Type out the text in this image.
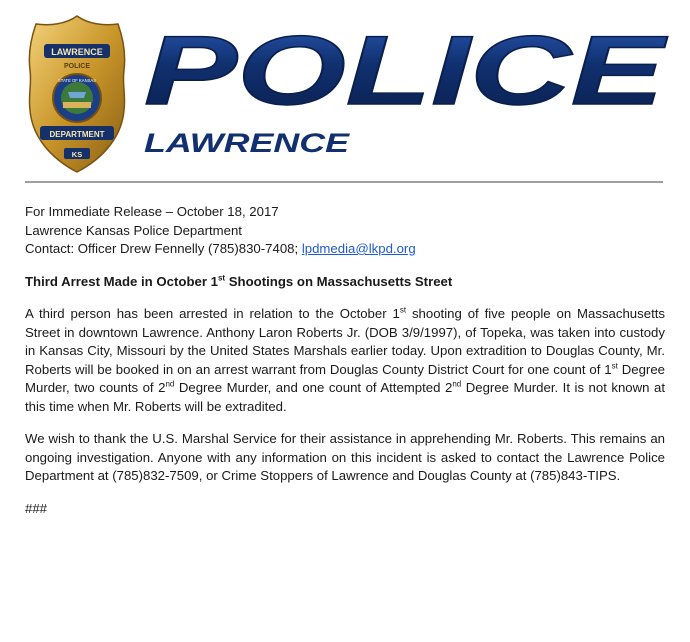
LAWRENCE
POLICE
STATE OF KANSAS
DEPARTMENT
KS
POLICE
LAWRENCE
For Immediate Release – October 18, 2017
Lawrence Kansas Police Department
Contact: Officer Drew Fennelly (785)830-7408; lpdmedia@lkpd.org
Third Arrest Made in October 1st Shootings on Massachusetts Street
A third person has been arrested in relation to the October 1st shooting of five people on Massachusetts Street in downtown Lawrence. Anthony Laron Roberts Jr. (DOB 3/9/1997), of Topeka, was taken into custody in Kansas City, Missouri by the United States Marshals earlier today. Upon extradition to Douglas County, Mr. Roberts will be booked in on an arrest warrant from Douglas County District Court for one count of 1st Degree Murder, two counts of 2nd Degree Murder, and one count of Attempted 2nd Degree Murder. It is not known at this time when Mr. Roberts will be extradited.
We wish to thank the U.S. Marshal Service for their assistance in apprehending Mr. Roberts. This remains an ongoing investigation. Anyone with any information on this incident is asked to contact the Lawrence Police Department at (785)832-7509, or Crime Stoppers of Lawrence and Douglas County at (785)843-TIPS.
###
